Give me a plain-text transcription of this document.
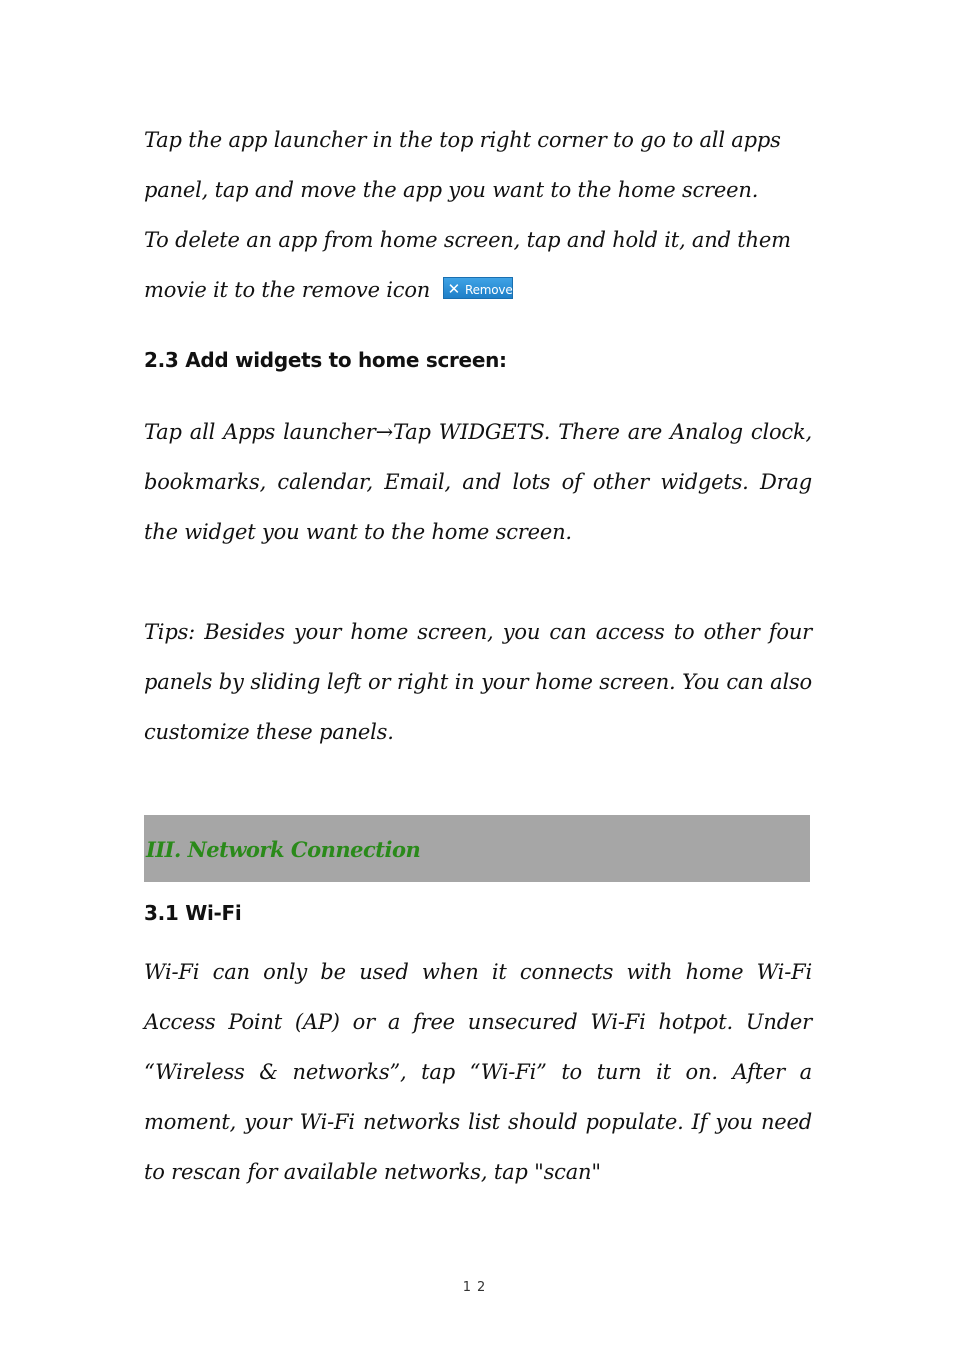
Tap the app launcher in the top right corner to go to all apps panel, tap and move the app you want to the home screen.

To delete an app from home screen, tap and hold it, and them movie it to the remove icon ✕ Remove

2.3 Add widgets to home screen:

Tap all Apps launcher→Tap WIDGETS. There are Analog clock, bookmarks, calendar, Email, and lots of other widgets. Drag the widget you want to the home screen.

Tips: Besides your home screen, you can access to other four panels by sliding left or right in your home screen. You can also customize these panels.

III. Network Connection
3.1 Wi-Fi

Wi-Fi can only be used when it connects with home Wi-Fi Access Point (AP) or a free unsecured Wi-Fi hotpot. Under “Wireless & networks”, tap “Wi-Fi” to turn it on. After a moment, your Wi-Fi networks list should populate. If you need to rescan for available networks, tap "scan"

12
